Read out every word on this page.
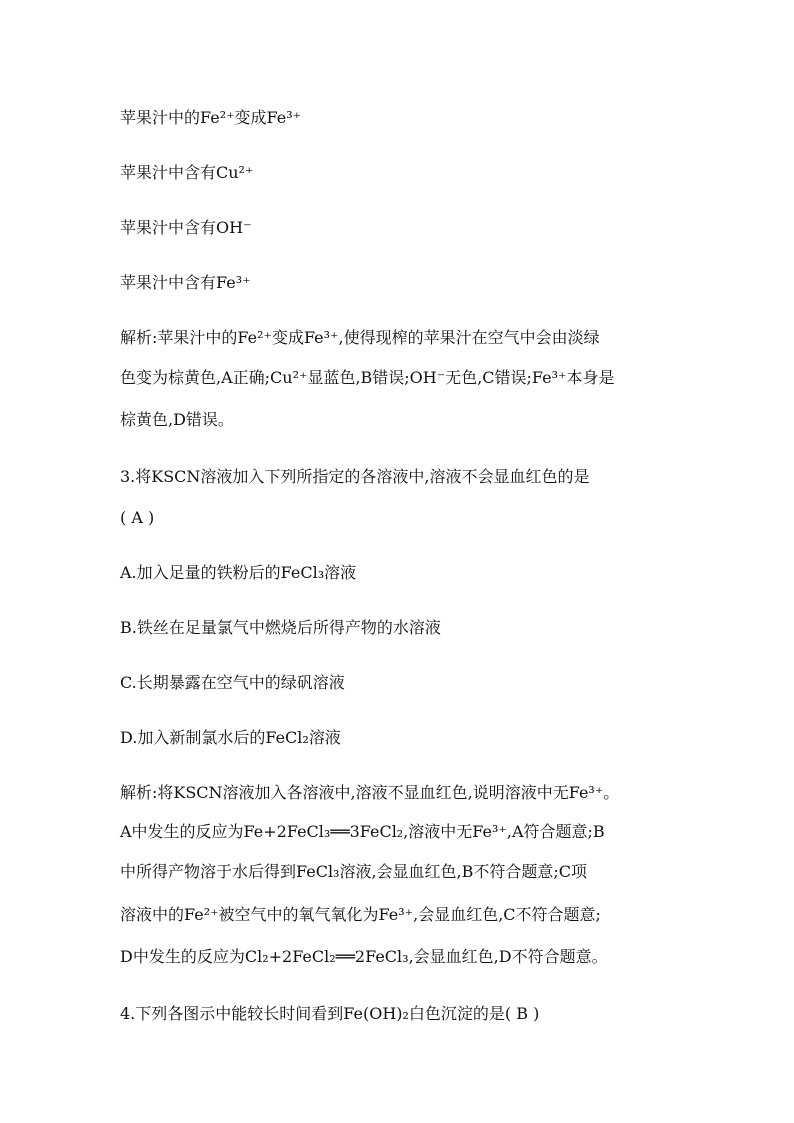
苹果汁中的Fe²⁺变成Fe³⁺
苹果汁中含有Cu²⁺
苹果汁中含有OH⁻
苹果汁中含有Fe³⁺
解析:苹果汁中的Fe²⁺变成Fe³⁺,使得现榨的苹果汁在空气中会由淡绿
色变为棕黄色,A正确;Cu²⁺显蓝色,B错误;OH⁻无色,C错误;Fe³⁺本身是
棕黄色,D错误。
3.将KSCN溶液加入下列所指定的各溶液中,溶液不会显血红色的是
( A )
A.加入足量的铁粉后的FeCl₃溶液
B.铁丝在足量氯气中燃烧后所得产物的水溶液
C.长期暴露在空气中的绿矾溶液
D.加入新制氯水后的FeCl₂溶液
解析:将KSCN溶液加入各溶液中,溶液不显血红色,说明溶液中无Fe³⁺。
A中发生的反应为Fe+2FeCl₃══3FeCl₂,溶液中无Fe³⁺,A符合题意;B
中所得产物溶于水后得到FeCl₃溶液,会显血红色,B不符合题意;C项
溶液中的Fe²⁺被空气中的氧气氧化为Fe³⁺,会显血红色,C不符合题意;
D中发生的反应为Cl₂+2FeCl₂══2FeCl₃,会显血红色,D不符合题意。
4.下列各图示中能较长时间看到Fe(OH)₂白色沉淀的是( B )
